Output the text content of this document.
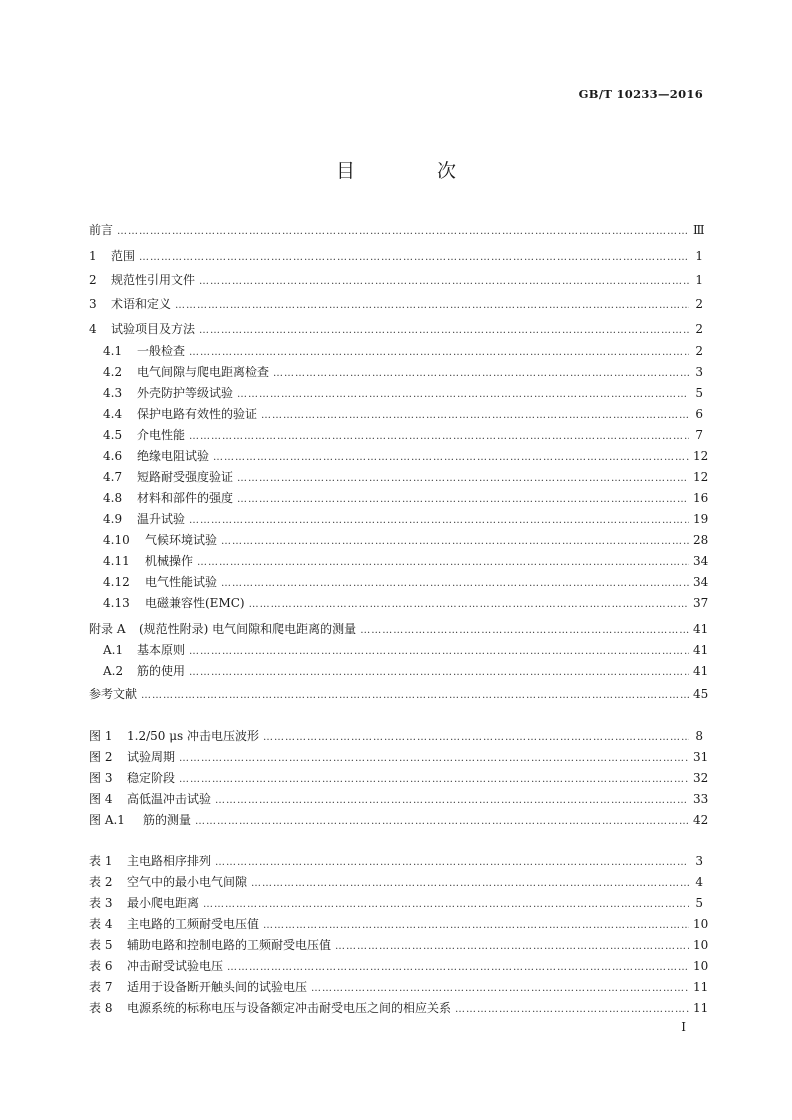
GB/T 10233—2016
目 次
前言 …………………………………………………………………………………………………………………………………………………………………………………………………………………	Ⅲ
1	范围 …………………………………………………………………………………………………………………………………………………………………………………………………………………	1
2	规范性引用文件 …………………………………………………………………………………………………………………………………………………………………………………………………………………	1
3	术语和定义 …………………………………………………………………………………………………………………………………………………………………………………………………………………	2
4	试验项目及方法 …………………………………………………………………………………………………………………………………………………………………………………………………………………	2
4.1	一般检查 …………………………………………………………………………………………………………………………………………………………………………………………………………………	2
4.2	电气间隙与爬电距离检查 …………………………………………………………………………………………………………………………………………………………………………………………………………………	3
4.3	外壳防护等级试验 …………………………………………………………………………………………………………………………………………………………………………………………………………………	5
4.4	保护电路有效性的验证 …………………………………………………………………………………………………………………………………………………………………………………………………………………	6
4.5	介电性能 …………………………………………………………………………………………………………………………………………………………………………………………………………………	7
4.6	绝缘电阻试验 …………………………………………………………………………………………………………………………………………………………………………………………………………………	12
4.7	短路耐受强度验证 …………………………………………………………………………………………………………………………………………………………………………………………………………………	12
4.8	材料和部件的强度 …………………………………………………………………………………………………………………………………………………………………………………………………………………	16
4.9	温升试验 …………………………………………………………………………………………………………………………………………………………………………………………………………………	19
4.10	气候环境试验 …………………………………………………………………………………………………………………………………………………………………………………………………………………	28
4.11	机械操作 …………………………………………………………………………………………………………………………………………………………………………………………………………………	34
4.12	电气性能试验 …………………………………………………………………………………………………………………………………………………………………………………………………………………	34
4.13	电磁兼容性(EMC) …………………………………………………………………………………………………………………………………………………………………………………………………………………	37
附录 A	(规范性附录) 电气间隙和爬电距离的测量 …………………………………………………………………………………………………………………………………………………………………………………………………………………	41
A.1	基本原则 …………………………………………………………………………………………………………………………………………………………………………………………………………………	41
A.2	筋的使用 …………………………………………………………………………………………………………………………………………………………………………………………………………………	41
参考文献 …………………………………………………………………………………………………………………………………………………………………………………………………………………	45
图 1	1.2/50 μs 冲击电压波形 …………………………………………………………………………………………………………………………………………………………………………………………………………………	8
图 2	试验周期 …………………………………………………………………………………………………………………………………………………………………………………………………………………	31
图 3	稳定阶段 …………………………………………………………………………………………………………………………………………………………………………………………………………………	32
图 4	高低温冲击试验 …………………………………………………………………………………………………………………………………………………………………………………………………………………	33
图 A.1	筋的测量 …………………………………………………………………………………………………………………………………………………………………………………………………………………	42
表 1	主电路相序排列 …………………………………………………………………………………………………………………………………………………………………………………………………………………	3
表 2	空气中的最小电气间隙 …………………………………………………………………………………………………………………………………………………………………………………………………………………	4
表 3	最小爬电距离 …………………………………………………………………………………………………………………………………………………………………………………………………………………	5
表 4	主电路的工频耐受电压值 …………………………………………………………………………………………………………………………………………………………………………………………………………………	10
表 5	辅助电路和控制电路的工频耐受电压值 …………………………………………………………………………………………………………………………………………………………………………………………………………………	10
表 6	冲击耐受试验电压 …………………………………………………………………………………………………………………………………………………………………………………………………………………	10
表 7	适用于设备断开触头间的试验电压 …………………………………………………………………………………………………………………………………………………………………………………………………………………	11
表 8	电源系统的标称电压与设备额定冲击耐受电压之间的相应关系 …………………………………………………………………………………………………………………………………………………………………………………………………………………	11
I
